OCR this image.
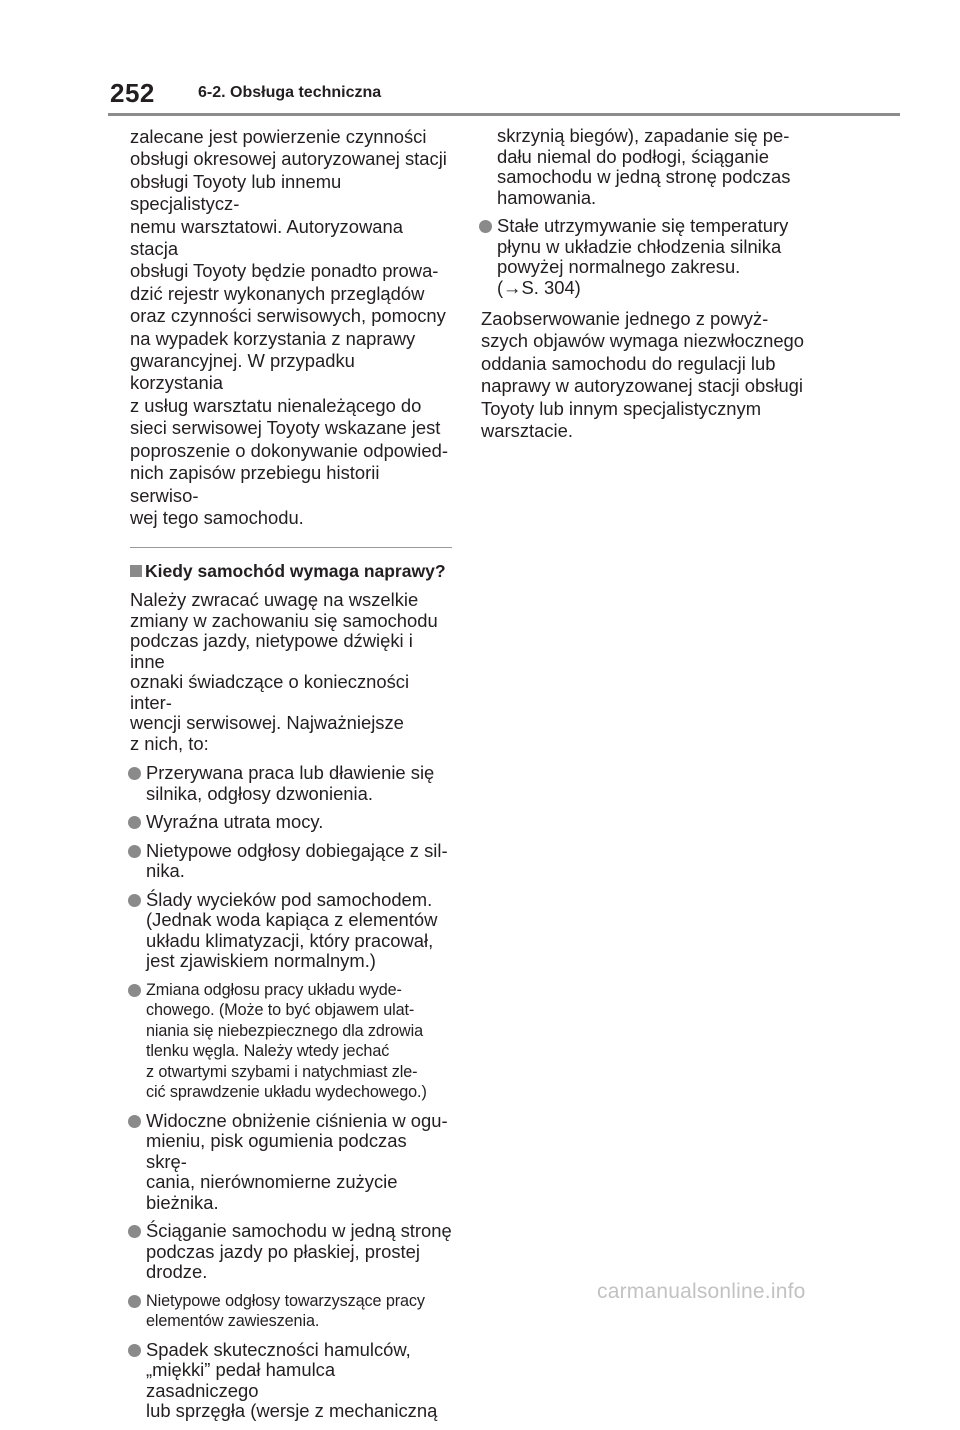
252	6-2. Obsługa techniczna

zalecane jest powierzenie czynności
obsługi okresowej autoryzowanej stacji
obsługi Toyoty lub innemu specjalistycz-
nemu warsztatowi. Autoryzowana stacja
obsługi Toyoty będzie ponadto prowa-
dzić rejestr wykonanych przeglądów
oraz czynności serwisowych, pomocny
na wypadek korzystania z naprawy
gwarancyjnej. W przypadku korzystania
z usług warsztatu nienależącego do
sieci serwisowej Toyoty wskazane jest
poproszenie o dokonywanie odpowied-
nich zapisów przebiegu historii serwiso-
wej tego samochodu.

Kiedy samochód wymaga naprawy?

Należy zwracać uwagę na wszelkie
zmiany w zachowaniu się samochodu
podczas jazdy, nietypowe dźwięki i inne
oznaki świadczące o konieczności inter-
wencji serwisowej. Najważniejsze
z nich, to:

Przerywana praca lub dławienie się
silnika, odgłosy dzwonienia.
Wyraźna utrata mocy.
Nietypowe odgłosy dobiegające z sil-
nika.
Ślady wycieków pod samochodem.
(Jednak woda kapiąca z elementów
układu klimatyzacji, który pracował,
jest zjawiskiem normalnym.)
Zmiana odgłosu pracy układu wyde-
chowego. (Może to być objawem ulat-
niania się niebezpiecznego dla zdrowia
tlenku węgla. Należy wtedy jechać
z otwartymi szybami i natychmiast zle-
cić sprawdzenie układu wydechowego.)
Widoczne obniżenie ciśnienia w ogu-
mieniu, pisk ogumienia podczas skrę-
cania, nierównomierne zużycie
bieżnika.
Ściąganie samochodu w jedną stronę
podczas jazdy po płaskiej, prostej
drodze.
Nietypowe odgłosy towarzyszące pracy
elementów zawieszenia.
Spadek skuteczności hamulców,
„miękki” pedał hamulca zasadniczego
lub sprzęgła (wersje z mechaniczną
skrzynią biegów), zapadanie się pe-
dału niemal do podłogi, ściąganie
samochodu w jedną stronę podczas
hamowania.
Stałe utrzymywanie się temperatury
płynu w układzie chłodzenia silnika
powyżej normalnego zakresu.
(→S. 304)

Zaobserwowanie jednego z powyż-
szych objawów wymaga niezwłocznego
oddania samochodu do regulacji lub
naprawy w autoryzowanej stacji obsługi
Toyoty lub innym specjalistycznym
warsztacie.

carmanualsonline.info
